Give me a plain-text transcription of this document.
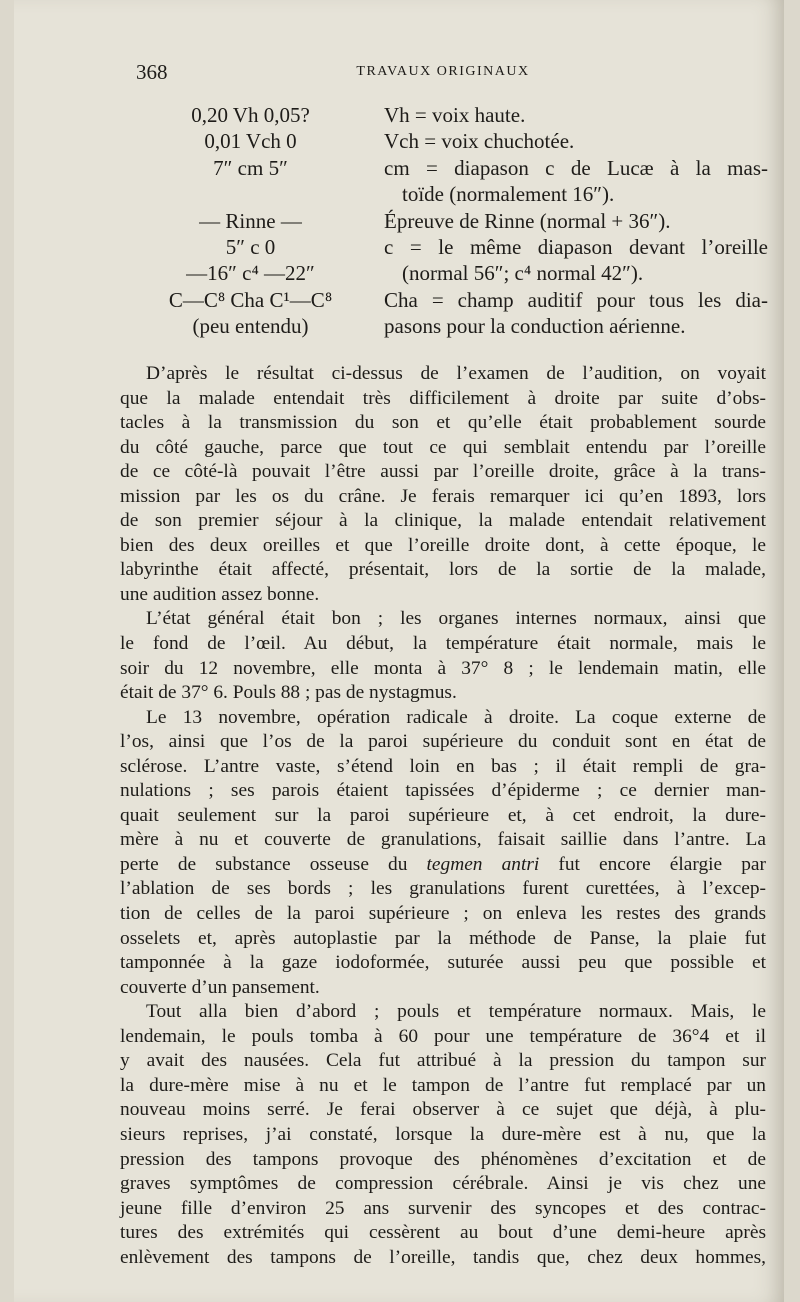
368	TRAVAUX ORIGINAUX
0,20 Vh 0,05?
0,01 Vch 0
7″ cm 5″
— Rinne —
5″ c 0
—16″ c⁴ —22″
C—C⁸ Cha C¹—C⁸
(peu entendu)
Vh = voix haute.
Vch = voix chuchotée.
cm = diapason c de Lucæ à la mas-
toïde (normalement 16″).
Épreuve de Rinne (normal + 36″).
c = le même diapason devant l’oreille
(normal 56″; c⁴ normal 42″).
Cha = champ auditif pour tous les dia-
pasons pour la conduction aérienne.
D’après le résultat ci-dessus de l’examen de l’audition, on voyait
que la malade entendait très difficilement à droite par suite d’obs-
tacles à la transmission du son et qu’elle était probablement sourde
du côté gauche, parce que tout ce qui semblait entendu par l’oreille
de ce côté-là pouvait l’être aussi par l’oreille droite, grâce à la trans-
mission par les os du crâne. Je ferais remarquer ici qu’en 1893, lors
de son premier séjour à la clinique, la malade entendait relativement
bien des deux oreilles et que l’oreille droite dont, à cette époque, le
labyrinthe était affecté, présentait, lors de la sortie de la malade,
une audition assez bonne.
L’état général était bon ; les organes internes normaux, ainsi que
le fond de l’œil. Au début, la température était normale, mais le
soir du 12 novembre, elle monta à 37° 8 ; le lendemain matin, elle
était de 37° 6. Pouls 88 ; pas de nystagmus.
Le 13 novembre, opération radicale à droite. La coque externe de
l’os, ainsi que l’os de la paroi supérieure du conduit sont en état de
sclérose. L’antre vaste, s’étend loin en bas ; il était rempli de gra-
nulations ; ses parois étaient tapissées d’épiderme ; ce dernier man-
quait seulement sur la paroi supérieure et, à cet endroit, la dure-
mère à nu et couverte de granulations, faisait saillie dans l’antre. La
perte de substance osseuse du tegmen antri fut encore élargie par
l’ablation de ses bords ; les granulations furent curettées, à l’excep-
tion de celles de la paroi supérieure ; on enleva les restes des grands
osselets et, après autoplastie par la méthode de Panse, la plaie fut
tamponnée à la gaze iodoformée, suturée aussi peu que possible et
couverte d’un pansement.
Tout alla bien d’abord ; pouls et température normaux. Mais, le
lendemain, le pouls tomba à 60 pour une température de 36°4 et il
y avait des nausées. Cela fut attribué à la pression du tampon sur
la dure-mère mise à nu et le tampon de l’antre fut remplacé par un
nouveau moins serré. Je ferai observer à ce sujet que déjà, à plu-
sieurs reprises, j’ai constaté, lorsque la dure-mère est à nu, que la
pression des tampons provoque des phénomènes d’excitation et de
graves symptômes de compression cérébrale. Ainsi je vis chez une
jeune fille d’environ 25 ans survenir des syncopes et des contrac-
tures des extrémités qui cessèrent au bout d’une demi-heure après
enlèvement des tampons de l’oreille, tandis que, chez deux hommes,
